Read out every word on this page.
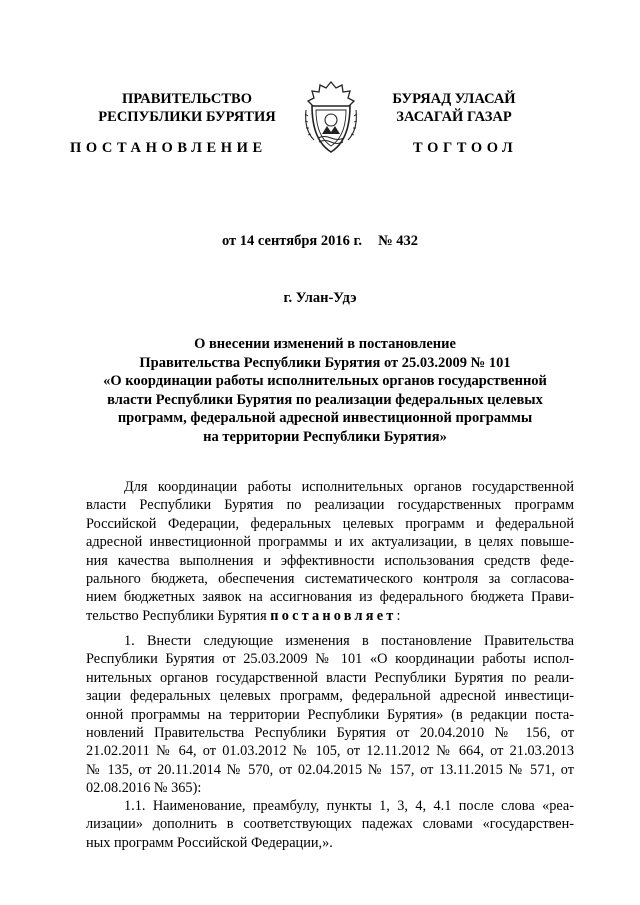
ПРАВИТЕЛЬСТВО
РЕСПУБЛИКИ БУРЯТИЯ
БУРЯАД УЛАСАЙ
ЗАСАГАЙ ГАЗАР
ПОСТАНОВЛЕНИЕ	ТОГТООЛ
от 14 сентября 2016 г. № 432
г. Улан-Удэ
О внесении изменений в постановление
Правительства Республики Бурятия от 25.03.2009 № 101
«О координации работы исполнительных органов государственной
власти Республики Бурятия по реализации федеральных целевых
программ, федеральной адресной инвестиционной программы
на территории Республики Бурятия»
Для координации работы исполнительных органов государственной
власти Республики Бурятия по реализации государственных программ
Российской Федерации, федеральных целевых программ и федеральной
адресной инвестиционной программы и их актуализации, в целях повыше-
ния качества выполнения и эффективности использования средств феде-
рального бюджета, обеспечения систематического контроля за согласова-
нием бюджетных заявок на ассигнования из федерального бюджета Прави-
тельство Республики Бурятия постановляет:
1. Внести следующие изменения в постановление Правительства
Республики Бурятия от 25.03.2009 № 101 «О координации работы испол-
нительных органов государственной власти Республики Бурятия по реали-
зации федеральных целевых программ, федеральной адресной инвестици-
онной программы на территории Республики Бурятия» (в редакции поста-
новлений Правительства Республики Бурятия от 20.04.2010 № 156, от
21.02.2011 № 64, от 01.03.2012 № 105, от 12.11.2012 № 664, от 21.03.2013
№ 135, от 20.11.2014 № 570, от 02.04.2015 № 157, от 13.11.2015 № 571, от
02.08.2016 № 365):
1.1. Наименование, преамбулу, пункты 1, 3, 4, 4.1 после слова «реа-
лизации» дополнить в соответствующих падежах словами «государствен-
ных программ Российской Федерации,».
